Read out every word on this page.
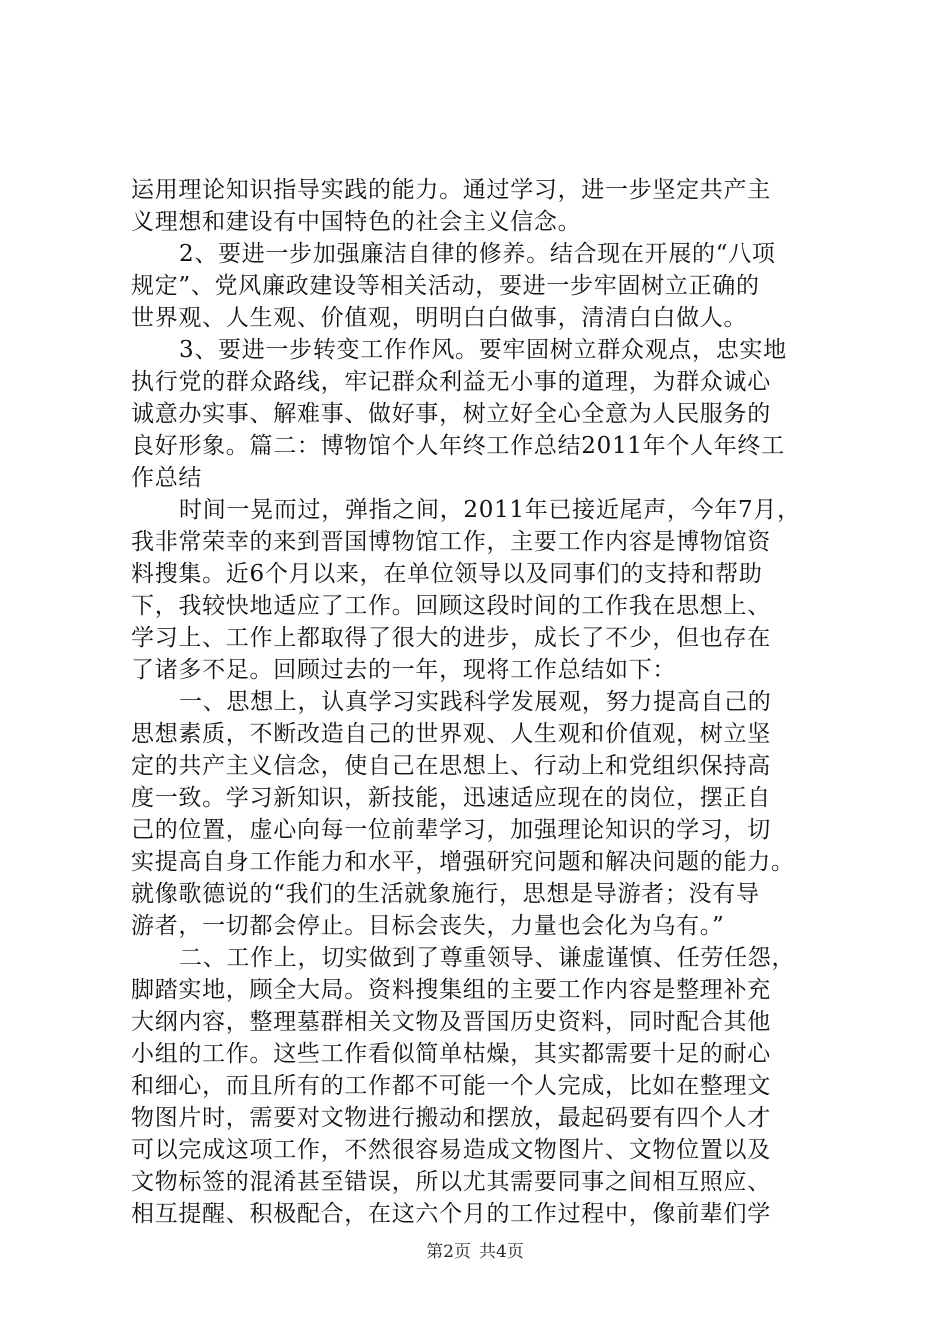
运用理论知识指导实践的能力。通过学习，进一步坚定共产主
义理想和建设有中国特色的社会主义信念。
2、要进一步加强廉洁自律的修养。结合现在开展的“八项
规定”、党风廉政建设等相关活动，要进一步牢固树立正确的
世界观、人生观、价值观，明明白白做事，清清白白做人。
3、要进一步转变工作作风。要牢固树立群众观点，忠实地
执行党的群众路线，牢记群众利益无小事的道理，为群众诚心
诚意办实事、解难事、做好事，树立好全心全意为人民服务的
良好形象。篇二：博物馆个人年终工作总结2011年个人年终工
作总结
时间一晃而过，弹指之间，2011年已接近尾声，今年7月，
我非常荣幸的来到晋国博物馆工作，主要工作内容是博物馆资
料搜集。近6个月以来，在单位领导以及同事们的支持和帮助
下，我较快地适应了工作。回顾这段时间的工作我在思想上、
学习上、工作上都取得了很大的进步，成长了不少，但也存在
了诸多不足。回顾过去的一年，现将工作总结如下：
一、思想上，认真学习实践科学发展观，努力提高自己的
思想素质，不断改造自己的世界观、人生观和价值观，树立坚
定的共产主义信念，使自己在思想上、行动上和党组织保持高
度一致。学习新知识，新技能，迅速适应现在的岗位，摆正自
己的位置，虚心向每一位前辈学习，加强理论知识的学习，切
实提高自身工作能力和水平，增强研究问题和解决问题的能力。
就像歌德说的“我们的生活就象施行，思想是导游者；没有导
游者，一切都会停止。目标会丧失，力量也会化为乌有。”
二、工作上，切实做到了尊重领导、谦虚谨慎、任劳任怨，
脚踏实地，顾全大局。资料搜集组的主要工作内容是整理补充
大纲内容，整理墓群相关文物及晋国历史资料，同时配合其他
小组的工作。这些工作看似简单枯燥，其实都需要十足的耐心
和细心，而且所有的工作都不可能一个人完成，比如在整理文
物图片时，需要对文物进行搬动和摆放，最起码要有四个人才
可以完成这项工作，不然很容易造成文物图片、文物位置以及
文物标签的混淆甚至错误，所以尤其需要同事之间相互照应、
相互提醒、积极配合，在这六个月的工作过程中，像前辈们学
第2页 共4页
